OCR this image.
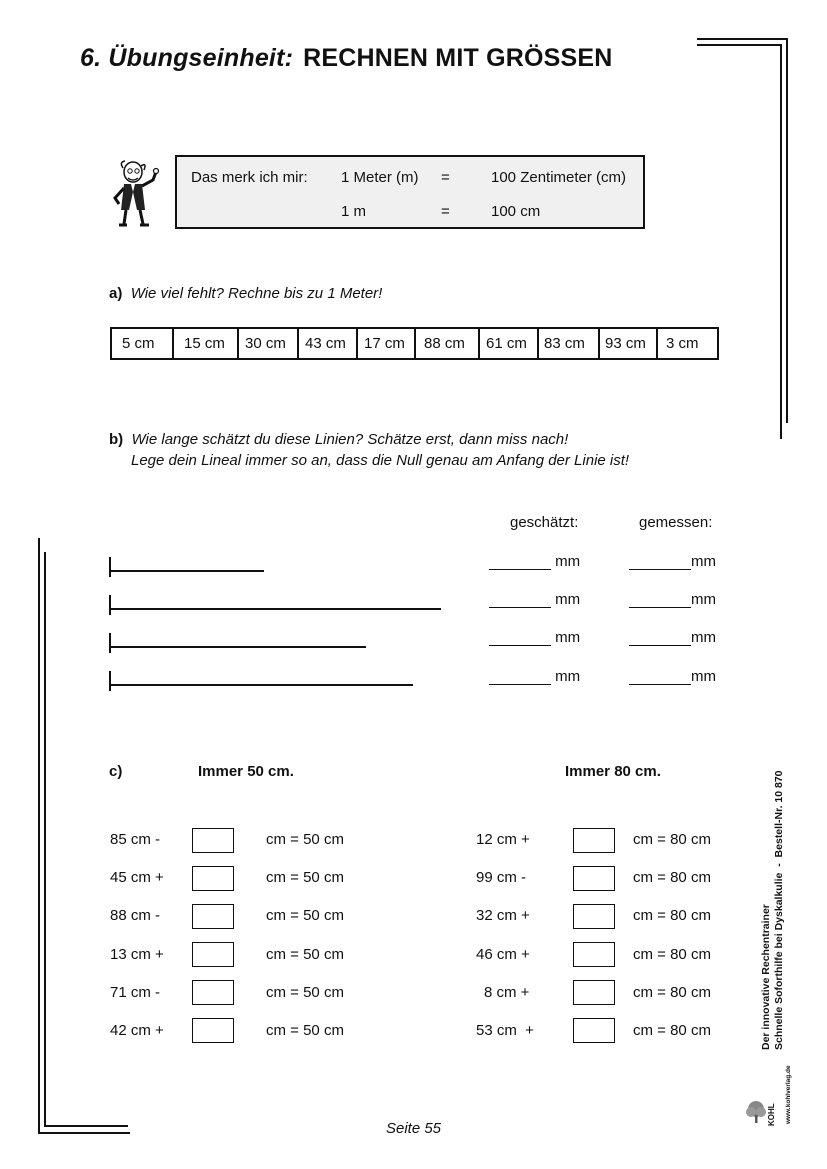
6. Übungseinheit: RECHNEN MIT GRÖSSEN
Das merk ich mir: 1 Meter (m) =	100 Zentimeter (cm)
1 m	=	100 cm
a) Wie viel fehlt? Rechne bis zu 1 Meter!
5 cm	15 cm	30 cm	43 cm	17 cm	88 cm	61 cm	83 cm	93 cm	3 cm
b) Wie lange schätzt du diese Linien? Schätze erst, dann miss nach!
Lege dein Lineal immer so an, dass die Null genau am Anfang der Linie ist!
geschätzt:	gemessen:
mm	mm
mm	mm
mm	mm
mm	mm
c)	Immer 50 cm.	Immer 80 cm.
85 cm -	cm = 50 cm
45 cm +	cm = 50 cm
88 cm -	cm = 50 cm
13 cm +	cm = 50 cm
71 cm -	cm = 50 cm
42 cm +	cm = 50 cm
12 cm +	cm = 80 cm
99 cm -	cm = 80 cm
32 cm +	cm = 80 cm
46 cm +	cm = 80 cm
8 cm +	cm = 80 cm
53 cm  +	cm = 80 cm	Der innovative Rechentrainer Schnelle Soforthilfe bei Dyskalkulie  -  Bestell-Nr. 10 870
KOHL www.kohlverlag.de
Seite 55
